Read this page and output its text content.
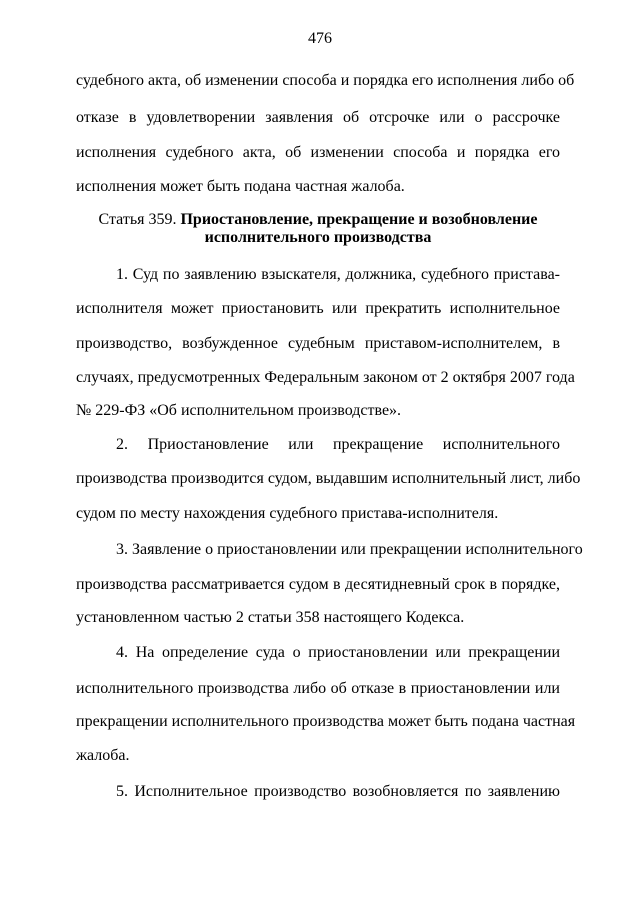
476
судебного акта, об изменении способа и порядка его исполнения либо об
отказе в удовлетворении заявления об отсрочке или о рассрочке
исполнения судебного акта, об изменении способа и порядка его
исполнения может быть подана частная жалоба.
Статья 359. Приостановление, прекращение и возобновление
исполнительного производства
1. Суд по заявлению взыскателя, должника, судебного пристава-
исполнителя может приостановить или прекратить исполнительное
производство, возбужденное судебным приставом-исполнителем, в
случаях, предусмотренных Федеральным законом от 2 октября 2007 года
№ 229-ФЗ «Об исполнительном производстве».
2. Приостановление или прекращение исполнительного
производства производится судом, выдавшим исполнительный лист, либо
судом по месту нахождения судебного пристава-исполнителя.
3. Заявление о приостановлении или прекращении исполнительного
производства рассматривается судом в десятидневный срок в порядке,
установленном частью 2 статьи 358 настоящего Кодекса.
4. На определение суда о приостановлении или прекращении
исполнительного производства либо об отказе в приостановлении или
прекращении исполнительного производства может быть подана частная
жалоба.
5. Исполнительное производство возобновляется по заявлению
